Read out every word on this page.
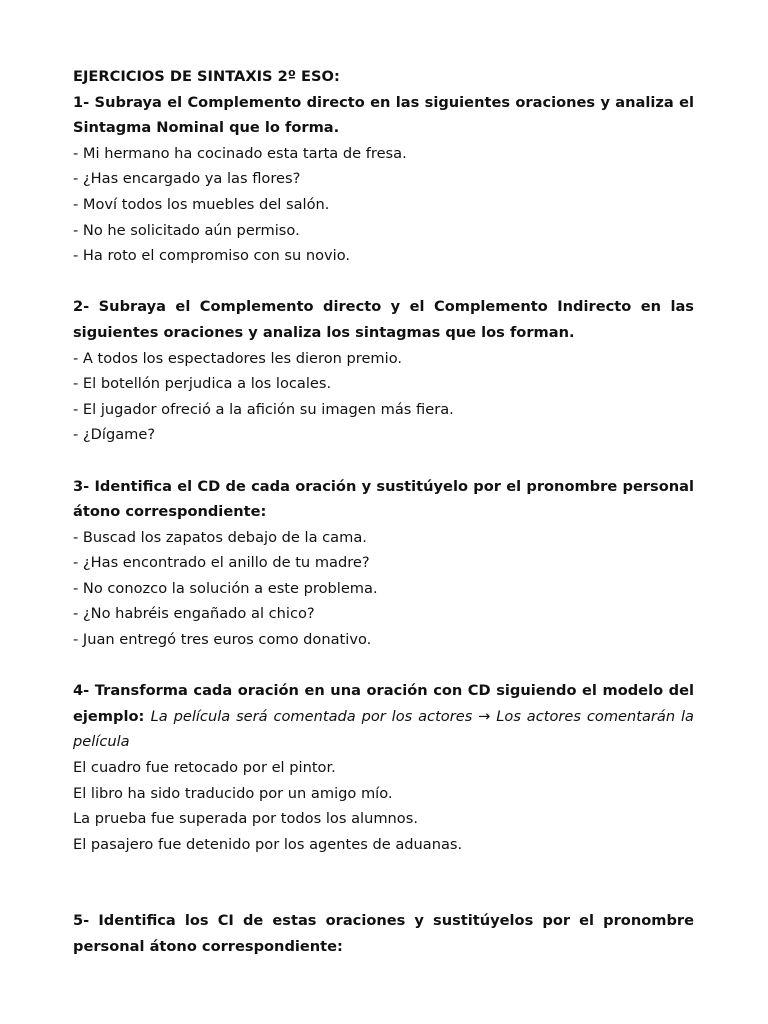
EJERCICIOS DE SINTAXIS 2º ESO:
1- Subraya el Complemento directo en las siguientes oraciones y analiza el Sintagma Nominal que lo forma.
- Mi hermano ha cocinado esta tarta de fresa.
- ¿Has encargado ya las flores?
- Moví todos los muebles del salón.
- No he solicitado aún permiso.
- Ha roto el compromiso con su novio.
2- Subraya el Complemento directo y el Complemento Indirecto en las siguientes oraciones y analiza los sintagmas que los forman.
- A todos los espectadores les dieron premio.
- El botellón perjudica a los locales.
- El jugador ofreció a la afición su imagen más fiera.
- ¿Dígame?
3- Identifica el CD de cada oración y sustitúyelo por el pronombre personal átono correspondiente:
- Buscad los zapatos debajo de la cama.
- ¿Has encontrado el anillo de tu madre?
- No conozco la solución a este problema.
- ¿No habréis engañado al chico?
- Juan entregó tres euros como donativo.
4- Transforma cada oración en una oración con CD siguiendo el modelo del ejemplo: La película será comentada por los actores → Los actores comentarán la película
El cuadro fue retocado por el pintor.
El libro ha sido traducido por un amigo mío.
La prueba fue superada por todos los alumnos.
El pasajero fue detenido por los agentes de aduanas.
5- Identifica los CI de estas oraciones y sustitúyelos por el pronombre personal átono correspondiente:
